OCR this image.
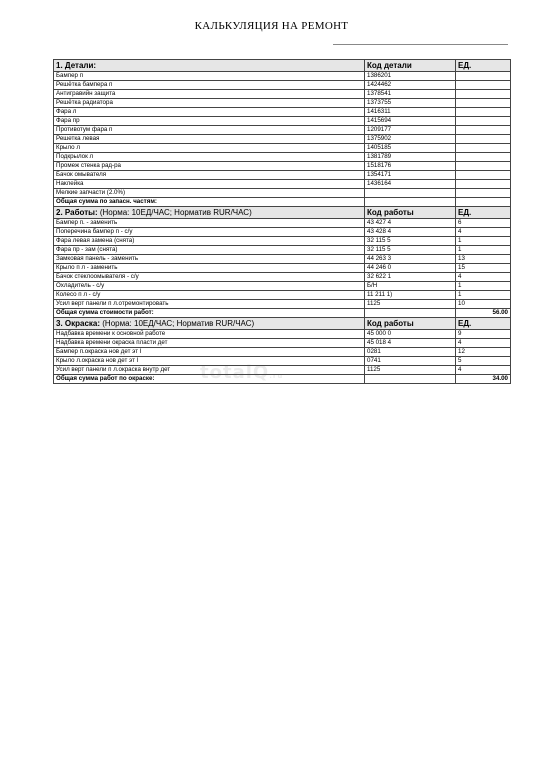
КАЛЬКУЛЯЦИЯ НА РЕМОНТ
totalQ.ru
1. Детали:	Код детали	ЕД.
Бампер п	1386201	
Решётка бампера п	1424462	
Антигравийн защита	1378541	
Решётка радиатора	1373755	
Фара л	1416311	
Фара пр	1415694	
Противотум фара п	1209177	
Решетка левая	1375902	
Крыло л	1405185	
Подкрылок л	1381789	
Промеж стенка рад-ра	1518176	
Бачок омывателя	1354171	
Наклейка	1436164	
Мелкие запчасти (2.0%)		
Общая сумма по запасн. частям:		
2. Работы: (Норма: 10ЕД/ЧАС; Норматив RUR/ЧАС)	Код работы	ЕД.
Бампер п. - заменить	43 427 4	6
Поперечина бампер п - с/у	43 428 4	4
Фара левая замена (снята)	32 115 5	1
Фара пр - зам (снята)	32 115 5	1
Замковая панель - заменить	44 263 3	13
Крыло п л - заменить	44 246 0	15
Бачок стеклоомывателя - с/у	32 622 1	4
Охладитель - с/у	Б/Н	1
Колесо п л - с/у	11 211 1)	1
Усил верт панели п л.отремонтировать	1125	10
Общая сумма стоимости работ:		56.00
3. Окраска: (Норма: 10ЕД/ЧАС; Норматив RUR/ЧАС)	Код работы	ЕД.
Надбавка времени к основной работе	45 000 0	9
Надбавка времени окраска пласти дет	45 018 4	4
Бампер п.окраска нов дет эт I	0281	12
Крыло л.окраска нов дет эт I	0741	5
Усил верт панели п л.окраска внутр дет	1125	4
Общая сумма работ по окраске:		34.00
